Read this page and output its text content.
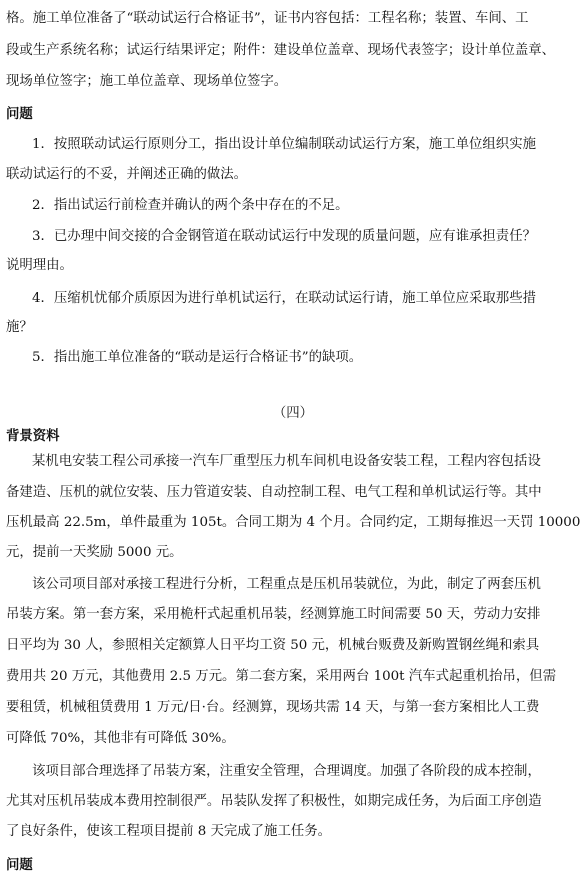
格。施工单位准备了“联动试运行合格证书”，证书内容包括：工程名称；装置、车间、工
段或生产系统名称；试运行结果评定；附件：建设单位盖章、现场代表签字；设计单位盖章、
现场单位签字；施工单位盖章、现场单位签字。
问题
1．按照联动试运行原则分工，指出设计单位编制联动试运行方案，施工单位组织实施
联动试运行的不妥，并阐述正确的做法。
2．指出试运行前检查并确认的两个条中存在的不足。
3．已办理中间交接的合金钢管道在联动试运行中发现的质量问题，应有谁承担责任？
说明理由。
4．压缩机忧郁介质原因为进行单机试运行，在联动试运行请，施工单位应采取那些措
施？
5．指出施工单位准备的“联动是运行合格证书”的缺项。
（四）
背景资料
某机电安装工程公司承接一汽车厂重型压力机车间机电设备安装工程，工程内容包括设
备建造、压机的就位安装、压力管道安装、自动控制工程、电气工程和单机试运行等。其中
压机最高 22.5m，单件最重为 105t。合同工期为 4 个月。合同约定，工期每推迟一天罚 10000
元，提前一天奖励 5000 元。
该公司项目部对承接工程进行分析，工程重点是压机吊装就位，为此，制定了两套压机
吊装方案。第一套方案，采用桅杆式起重机吊装，经测算施工时间需要 50 天，劳动力安排
日平均为 30 人，参照相关定额算人日平均工资 50 元，机械台贩费及新购置钢丝绳和索具
费用共 20 万元，其他费用 2.5 万元。第二套方案，采用两台 100t 汽车式起重机抬吊，但需
要租赁，机械租赁费用 1 万元/日·台。经测算，现场共需 14 天，与第一套方案相比人工费
可降低 70%，其他非有可降低 30%。
该项目部合理选择了吊装方案，注重安全管理，合理调度。加强了各阶段的成本控制，
尤其对压机吊装成本费用控制很严。吊装队发挥了积极性，如期完成任务，为后面工序创造
了良好条件，使该工程项目提前 8 天完成了施工任务。
问题
